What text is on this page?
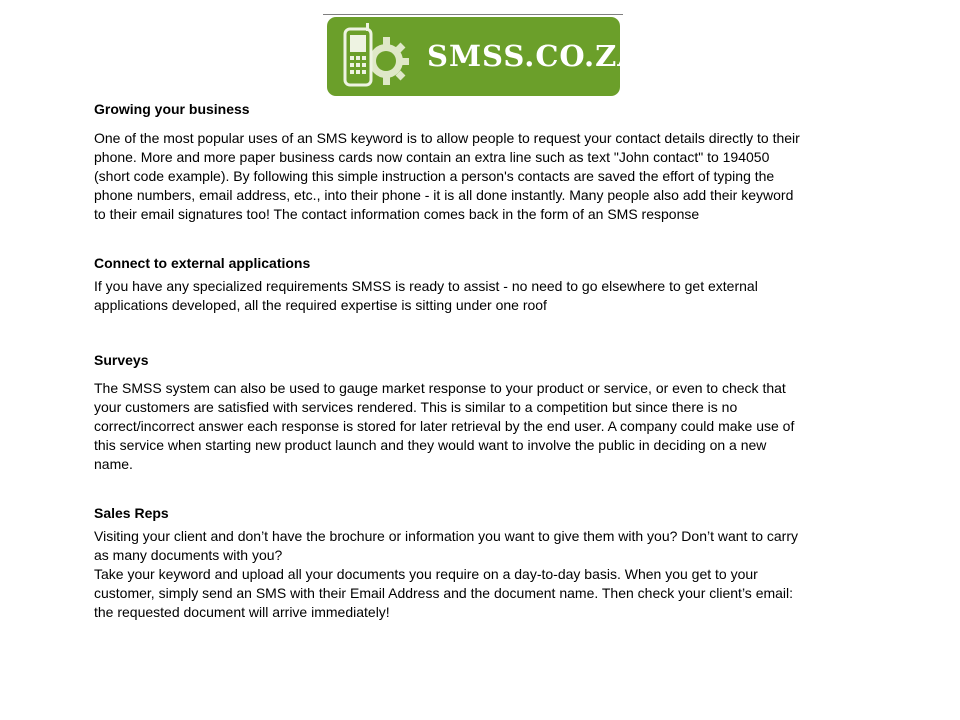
SMSS.CO.ZA
Growing your business

One of the most popular uses of an SMS keyword is to allow people to request your contact details directly to their
phone. More and more paper business cards now contain an extra line such as text "John contact" to 194050
(short code example). By following this simple instruction a person's contacts are saved the effort of typing the
phone numbers, email address, etc., into their phone - it is all done instantly. Many people also add their keyword
to their email signatures too! The contact information comes back in the form of an SMS response

Connect to external applications

If you have any specialized requirements SMSS is ready to assist - no need to go elsewhere to get external
applications developed, all the required expertise is sitting under one roof

Surveys

The SMSS system can also be used to gauge market response to your product or service, or even to check that
your customers are satisfied with services rendered. This is similar to a competition but since there is no
correct/incorrect answer each response is stored for later retrieval by the end user. A company could make use of
this service when starting new product launch and they would want to involve the public in deciding on a new
name.

Sales Reps

Visiting your client and don’t have the brochure or information you want to give them with you? Don’t want to carry
as many documents with you?
Take your keyword and upload all your documents you require on a day-to-day basis. When you get to your
customer, simply send an SMS with their Email Address and the document name. Then check your client’s email:
the requested document will arrive immediately!
